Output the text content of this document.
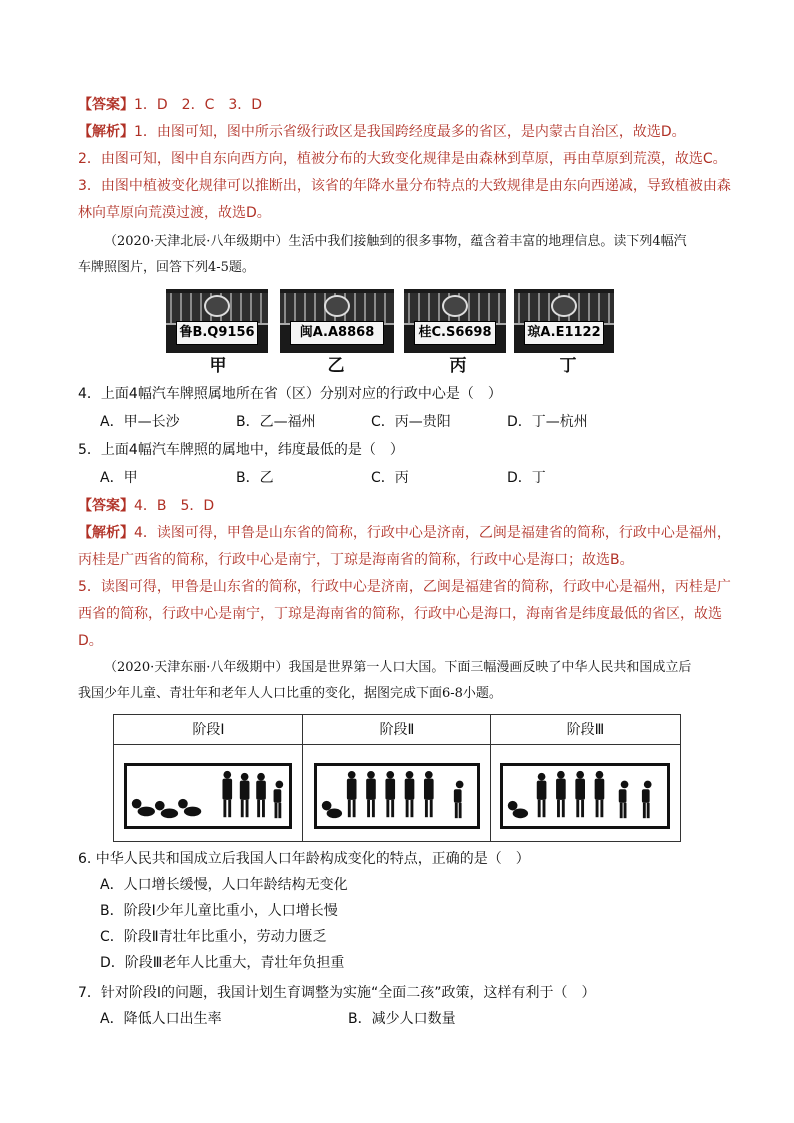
【答案】1．D　2．C　3．D
【解析】1．由图可知，图中所示省级行政区是我国跨经度最多的省区，是内蒙古自治区，故选D。
2．由图可知，图中自东向西方向，植被分布的大致变化规律是由森林到草原，再由草原到荒漠，故选C。
3．由图中植被变化规律可以推断出，该省的年降水量分布特点的大致规律是由东向西递减，导致植被由森
林向草原向荒漠过渡，故选D。
（2020·天津北辰·八年级期中）生活中我们接触到的很多事物，蕴含着丰富的地理信息。读下列4幅汽
车牌照图片，回答下列4-5题。
鲁B.Q9156	闽A.A8868	桂C.S6698	琼A.E1122
甲	乙	丙	丁
4．上面4幅汽车牌照属地所在省（区）分别对应的行政中心是（　）
A．甲—长沙	B．乙—福州	C．丙—贵阳	D．丁—杭州
5．上面4幅汽车牌照的属地中，纬度最低的是（　）
A．甲	B．乙	C．丙	D．丁
【答案】4．B　5．D
【解析】4．读图可得，甲鲁是山东省的简称，行政中心是济南，乙闽是福建省的简称，行政中心是福州，
丙桂是广西省的简称，行政中心是南宁，丁琼是海南省的简称，行政中心是海口；故选B。
5．读图可得，甲鲁是山东省的简称，行政中心是济南，乙闽是福建省的简称，行政中心是福州，丙桂是广
西省的简称，行政中心是南宁，丁琼是海南省的简称，行政中心是海口，海南省是纬度最低的省区，故选
D。
（2020·天津东丽·八年级期中）我国是世界第一人口大国。下面三幅漫画反映了中华人民共和国成立后
我国少年儿童、青壮年和老年人人口比重的变化，据图完成下面6-8小题。
阶段Ⅰ	阶段Ⅱ	阶段Ⅲ
6. 中华人民共和国成立后我国人口年龄构成变化的特点，正确的是（　）
A．人口增长缓慢，人口年龄结构无变化
B．阶段Ⅰ少年儿童比重小，人口增长慢
C．阶段Ⅱ青壮年比重小，劳动力匮乏
D．阶段Ⅲ老年人比重大，青壮年负担重
7．针对阶段Ⅰ的问题，我国计划生育调整为实施“全面二孩”政策，这样有利于（　）
A．降低人口出生率	B．减少人口数量
